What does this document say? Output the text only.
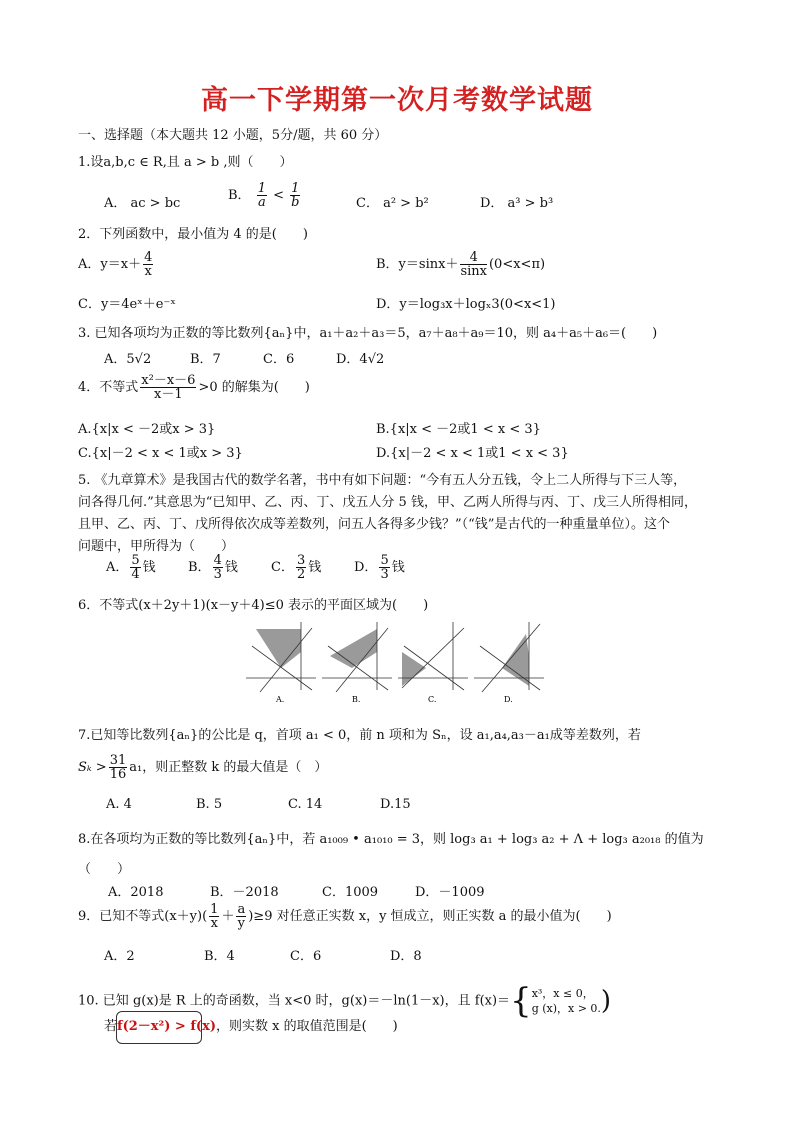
高一下学期第一次月考数学试题
一、选择题（本大题共 12 小题，5分/题，共 60 分）
1.设a,b,c ∈ R,且 a > b ,则（　　）
A． ac > bc
B． $\frac{1}{a} < \frac{1}{b}$	C． a² > b²	D． a³ > b³
2．下列函数中，最小值为 4 的是(　　)
A．$y=x+ \frac{4}{x}$	B．$y=\sin x+ \frac{4}{\sin x} (0<x<\pi)$
C．y＝4eˣ＋e⁻ˣ	D．y＝log₃x＋logₓ3(0<x<1)
3. 已知各项均为正数的等比数列{aₙ}中，a₁＋a₂＋a₃＝5，a₇＋a₈＋a₉＝10，则 a₄＋a₅＋a₆＝(　　)
A．5√2	B．7	C．6	D．4√2
4．不等式 $\frac{\text{x²－x－6}}{x-1} >0$ 的解集为(　　)
A.{x|x < －2或x > 3}	B.{x|x < －2或1 < x < 3}
C.{x|－2 < x < 1或x > 3}	D.{x|－2 < x < 1或1 < x < 3}
5. 《九章算术》是我国古代的数学名著，书中有如下问题：“今有五人分五钱，令上二人所得与下三人等，
问各得几何.”其意思为“已知甲、乙、丙、丁、戊五人分 5 钱，甲、乙两人所得与丙、丁、戊三人所得相同，
且甲、乙、丙、丁、戊所得依次成等差数列，问五人各得多少钱？”（“钱”是古代的一种重量单位）。这个
问题中，甲所得为（　　）
A． $\frac{5}{4}$ 钱 B． $\frac{4}{3}$ 钱	C． $\frac{3}{2}$ 钱	D． $\frac{5}{3}$ 钱
6．不等式(x＋2y＋1)(x－y＋4)≤0 表示的平面区域为(　　)
A.	B.	C.	D.
7.已知等比数列{aₙ}的公比是 q，首项 a₁ < 0，前 n 项和为 Sₙ，设 a₁,a₄,a₃－a₁成等差数列，若
$S_k > \frac{31}{16} a_1$，则正整数 k 的最大值是（　）
A. 4	B. 5	C. 14	D.15
8.在各项均为正数的等比数列{aₙ}中，若 a₁₀₀₉ • a₁₀₁₀ = 3，则 log₃ a₁ + log₃ a₂ + Λ + log₃ a₂₀₁₈ 的值为
（　　）
A．2018	B．－2018	C．1009	D．－1009
9．已知不等式$(x+y)( \frac{1}{x} + \frac{a}{y} )\ge 9$ 对任意正实数 x，y 恒成立，则正实数 a 的最小值为(　　)
A．2	B．4	C．6	D．8
10. 已知 g(x)是 R 上的奇函数，当 x<0 时，g(x)＝－ln(1－x)，且 f(x)＝{ x³，x ≤ 0，
g (x)，x > 0. )
若f(2－x²) > f(x)，则实数 x 的取值范围是(　　)
